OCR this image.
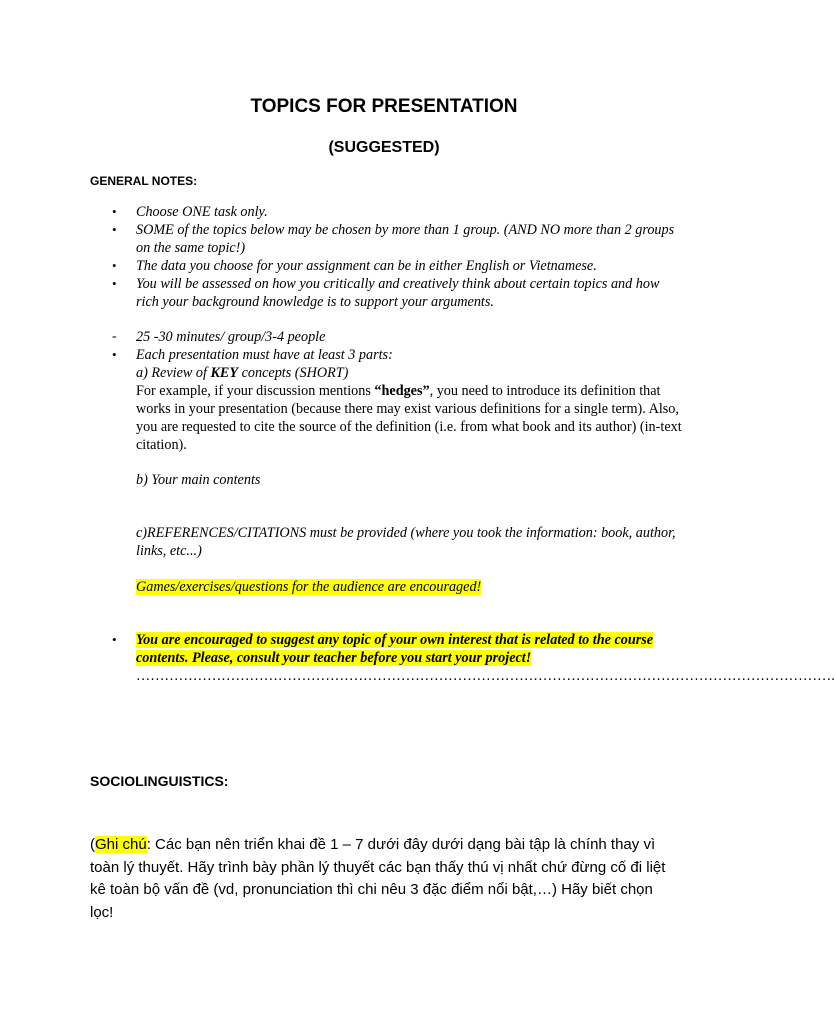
TOPICS FOR PRESENTATION
(SUGGESTED)
GENERAL NOTES:
•	Choose ONE task only.
•	SOME of the topics below may be chosen by more than 1 group. (AND NO more than 2 groups on the same topic!)
•	The data you choose for your assignment can be in either English or Vietnamese.
•	You will be assessed on how you critically and creatively think about certain topics and how rich your background knowledge is to support your arguments.
-	25 -30 minutes/ group/3-4 people
•	Each presentation must have at least 3 parts:
a) Review of KEY concepts (SHORT)
For example, if your discussion mentions “hedges”, you need to introduce its definition that works in your presentation (because there may exist various definitions for a single term). Also, you are requested to cite the source of the definition (i.e. from what book and its author) (in-text citation).
b) Your main contents
c)REFERENCES/CITATIONS must be provided (where you took the information: book, author, links, etc...)
Games/exercises/questions for the audience are encouraged!
•	You are encouraged to suggest any topic of your own interest that is related to the course contents. Please, consult your teacher before you start your project!
………………………………………………………………………………………………………………………………….
SOCIOLINGUISTICS:
(Ghi chú: Các bạn nên triển khai đề 1 – 7 dưới đây dưới dạng bài tập là chính thay vì toàn lý thuyết. Hãy trình bày phần lý thuyết các bạn thấy thú vị nhất chứ đừng cố đi liệt kê toàn bộ vấn đề (vd, pronunciation thì chi nêu 3 đặc điểm nổi bật,…) Hãy biết chọn lọc!
